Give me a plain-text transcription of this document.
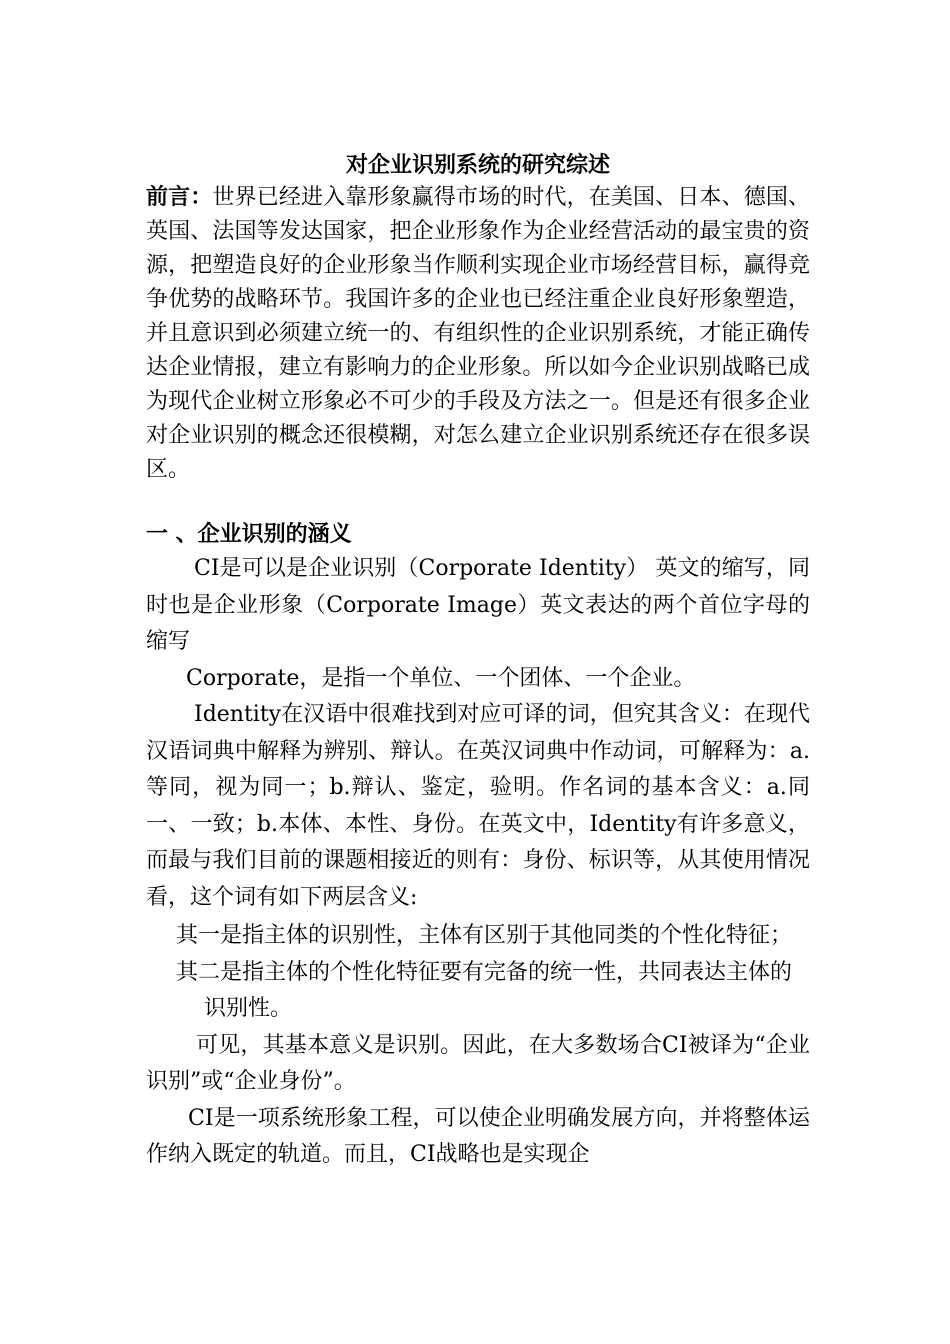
对企业识别系统的研究综述

前言：世界已经进入靠形象赢得市场的时代，在美国、日本、德国、英国、法国等发达国家，把企业形象作为企业经营活动的最宝贵的资源，把塑造良好的企业形象当作顺利实现企业市场经营目标，赢得竞争优势的战略环节。我国许多的企业也已经注重企业良好形象塑造，并且意识到必须建立统一的、有组织性的企业识别系统，才能正确传达企业情报，建立有影响力的企业形象。所以如今企业识别战略已成为现代企业树立形象必不可少的手段及方法之一。但是还有很多企业对企业识别的概念还很模糊，对怎么建立企业识别系统还存在很多误区。

一 、企业识别的涵义

CI是可以是企业识别（Corporate Identity） 英文的缩写，同时也是企业形象（Corporate Image）英文表达的两个首位字母的缩写

Corporate，是指一个单位、一个团体、一个企业。

Identity在汉语中很难找到对应可译的词，但究其含义：在现代汉语词典中解释为辨别、辩认。在英汉词典中作动词，可解释为：a.等同，视为同一；b.辩认、鉴定，验明。作名词的基本含义：a.同一、一致；b.本体、本性、身份。在英文中，Identity有许多意义，而最与我们目前的课题相接近的则有：身份、标识等，从其使用情况看，这个词有如下两层含义:

其一是指主体的识别性，主体有区别于其他同类的个性化特征；
其二是指主体的个性化特征要有完备的统一性，共同表达主体的识别性。

可见，其基本意义是识别。因此，在大多数场合CI被译为“企业识别”或“企业身份”。

CI是一项系统形象工程，可以使企业明确发展方向，并将整体运作纳入既定的轨道。而且，CI战略也是实现企
